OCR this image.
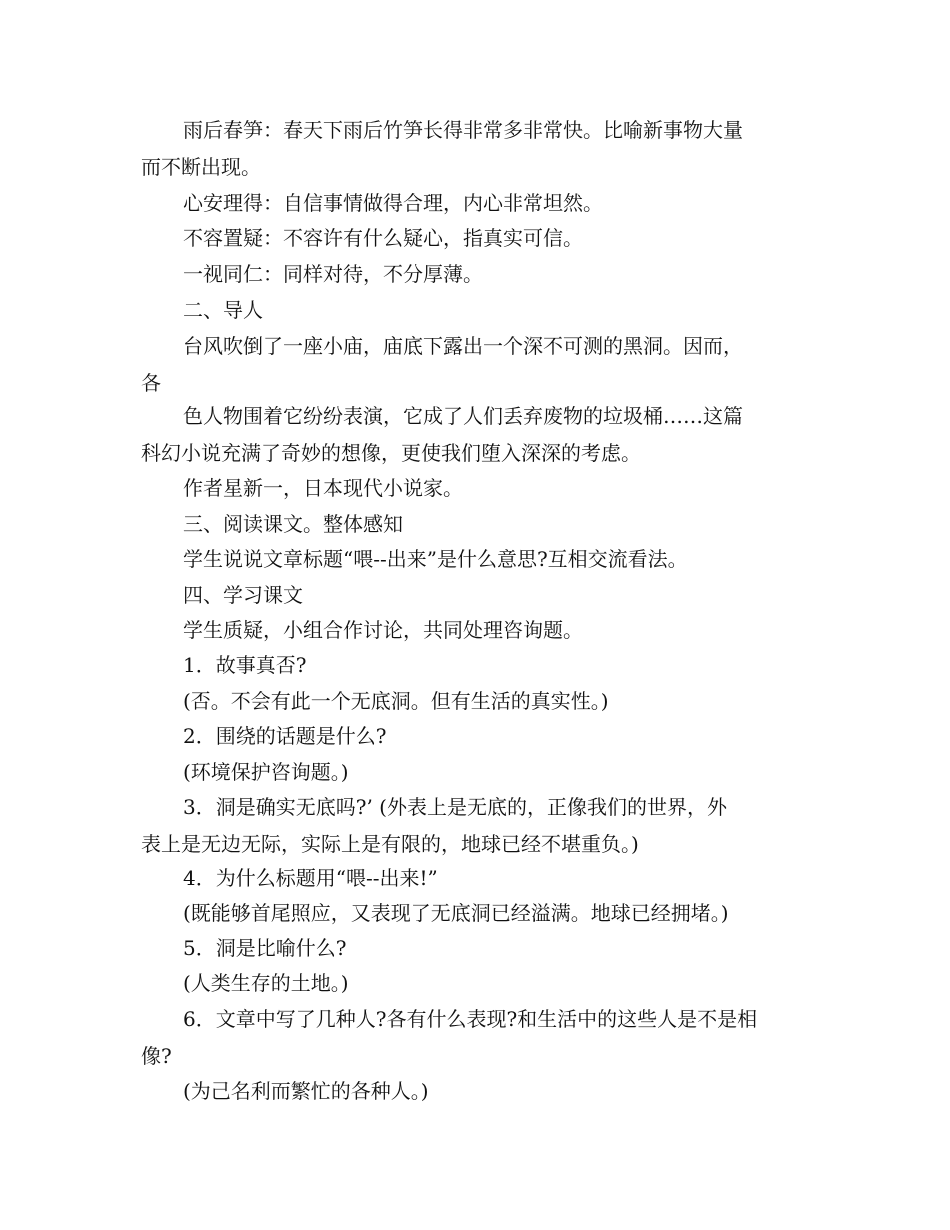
雨后春笋：春天下雨后竹笋长得非常多非常快。比喻新事物大量
而不断出现。

心安理得：自信事情做得合理，内心非常坦然。

不容置疑：不容许有什么疑心，指真实可信。

一视同仁：同样对待，不分厚薄。

二、导人

台风吹倒了一座小庙，庙底下露出一个深不可测的黑洞。因而，
各

色人物围着它纷纷表演，它成了人们丢弃废物的垃圾桶……这篇
科幻小说充满了奇妙的想像，更使我们堕入深深的考虑。

作者星新一，日本现代小说家。

三、阅读课文。整体感知

学生说说文章标题“喂--出来”是什么意思?互相交流看法。

四、学习课文

学生质疑，小组合作讨论，共同处理咨询题。

1．故事真否?

(否。不会有此一个无底洞。但有生活的真实性。)

2．围绕的话题是什么?

(环境保护咨询题。)

3．洞是确实无底吗?’ (外表上是无底的，正像我们的世界，外
表上是无边无际，实际上是有限的，地球已经不堪重负。)

4．为什么标题用“喂--出来!”

(既能够首尾照应，又表现了无底洞已经溢满。地球已经拥堵。)

5．洞是比喻什么?

(人类生存的土地。)

6．文章中写了几种人?各有什么表现?和生活中的这些人是不是相
像?

(为己名利而繁忙的各种人。)
